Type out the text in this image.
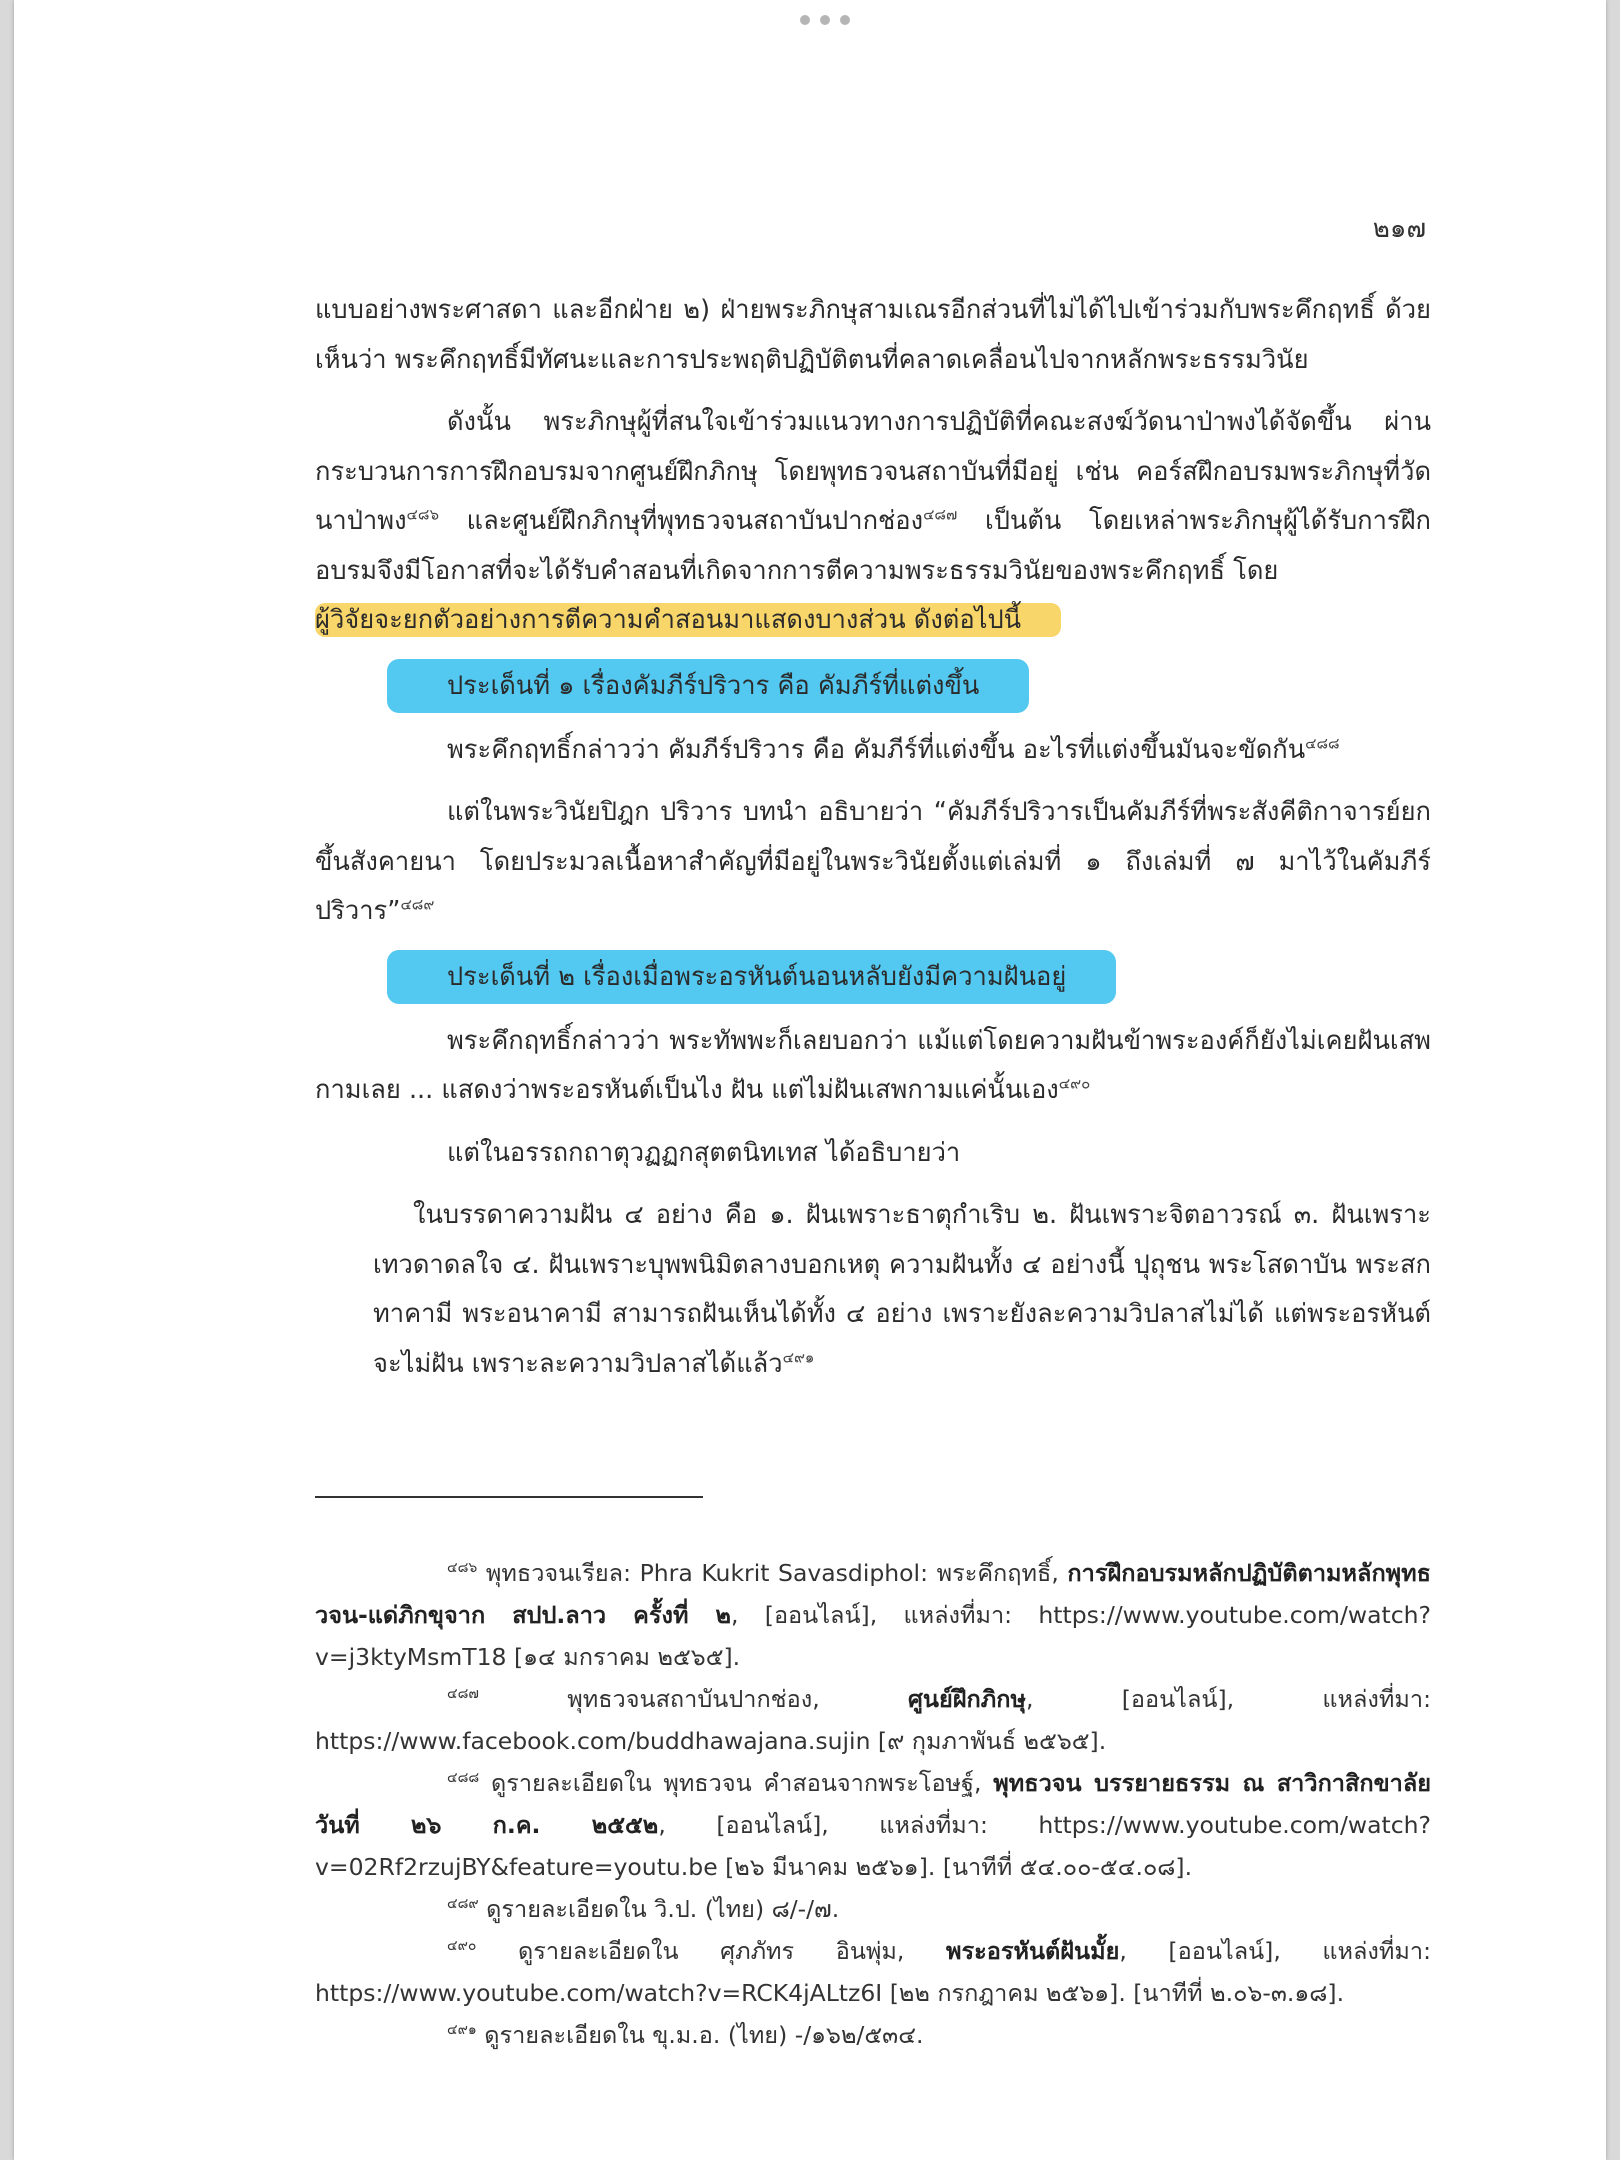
๒๑๗

แบบอย่างพระศาสดา และอีกฝ่าย ๒) ฝ่ายพระภิกษุสามเณรอีกส่วนที่ไม่ได้ไปเข้าร่วมกับพระคึกฤทธิ์ ด้วยเห็นว่า พระคึกฤทธิ์มีทัศนะและการประพฤติปฏิบัติตนที่คลาดเคลื่อนไปจากหลักพระธรรมวินัย

ดังนั้น พระภิกษุผู้ที่สนใจเข้าร่วมแนวทางการปฏิบัติที่คณะสงฆ์วัดนาป่าพงได้จัดขึ้น ผ่านกระบวนการการฝึกอบรมจากศูนย์ฝึกภิกษุ โดยพุทธวจนสถาบันที่มีอยู่ เช่น คอร์สฝึกอบรมพระภิกษุที่วัดนาป่าพง$^{๔๘๖}$ และศูนย์ฝึกภิกษุที่พุทธวจนสถาบันปากช่อง$^{๔๘๗}$ เป็นต้น โดยเหล่าพระภิกษุผู้ได้รับการฝึกอบรมจึงมีโอกาสที่จะได้รับคำสอนที่เกิดจากการตีความพระธรรมวินัยของพระคึกฤทธิ์ โดย
ผู้วิจัยจะยกตัวอย่างการตีความคำสอนมาแสดงบางส่วน ดังต่อไปนี้

ประเด็นที่ ๑ เรื่องคัมภีร์ปริวาร คือ คัมภีร์ที่แต่งขึ้น

พระคึกฤทธิ์กล่าวว่า คัมภีร์ปริวาร คือ คัมภีร์ที่แต่งขึ้น อะไรที่แต่งขึ้นมันจะขัดกัน$^{๔๘๘}$

แต่ในพระวินัยปิฎก ปริวาร บทนำ อธิบายว่า “คัมภีร์ปริวารเป็นคัมภีร์ที่พระสังคีติกาจารย์ยกขึ้นสังคายนา โดยประมวลเนื้อหาสำคัญที่มีอยู่ในพระวินัยตั้งแต่เล่มที่ ๑ ถึงเล่มที่ ๗ มาไว้ในคัมภีร์ปริวาร”$^{๔๘๙}$

ประเด็นที่ ๒ เรื่องเมื่อพระอรหันต์นอนหลับยังมีความฝันอยู่

พระคึกฤทธิ์กล่าวว่า พระทัพพะก็เลยบอกว่า แม้แต่โดยความฝันข้าพระองค์ก็ยังไม่เคยฝันเสพกามเลย ... แสดงว่าพระอรหันต์เป็นไง ฝัน แต่ไม่ฝันเสพกามแค่นั้นเอง$^{๔๙๐}$

แต่ในอรรถกถาตุวฏฏกสุตตนิทเทส ได้อธิบายว่า

ในบรรดาความฝัน ๔ อย่าง คือ ๑. ฝันเพราะธาตุกำเริบ ๒. ฝันเพราะจิตอาวรณ์ ๓. ฝันเพราะเทวดาดลใจ ๔. ฝันเพราะบุพพนิมิตลางบอกเหตุ ความฝันทั้ง ๔ อย่างนี้ ปุถุชน พระโสดาบัน พระสกทาคามี พระอนาคามี สามารถฝันเห็นได้ทั้ง ๔ อย่าง เพราะยังละความวิปลาสไม่ได้ แต่พระอรหันต์จะไม่ฝัน เพราะละความวิปลาสได้แล้ว$^{๔๙๑}$

$^{๔๘๖}$ พุทธวจนเรียล: Phra Kukrit Savasdiphol: พระคึกฤทธิ์, การฝึกอบรมหลักปฏิบัติตามหลักพุทธวจน-แด่ภิกขุจาก สปป.ลาว ครั้งที่ ๒, [ออนไลน์], แหล่งที่มา: https://www.youtube.com/watch?v=j3ktyMsmT18 [๑๔ มกราคม ๒๕๖๕].

$^{๔๘๗}$ พุทธวจนสถาบันปากช่อง, ศูนย์ฝึกภิกษุ, [ออนไลน์], แหล่งที่มา: https://www.facebook.com/buddhawajana.sujin [๙ กุมภาพันธ์ ๒๕๖๕].

$^{๔๘๘}$ ดูรายละเอียดใน พุทธวจน คำสอนจากพระโอษฐ์, พุทธวจน บรรยายธรรม ณ สาวิกาสิกขาลัย วันที่ ๒๖ ก.ค. ๒๕๕๒, [ออนไลน์], แหล่งที่มา: https://www.youtube.com/watch?v=02Rf2rzujBY&feature=youtu.be [๒๖ มีนาคม ๒๕๖๑]. [นาทีที่ ๕๔.๐๐-๕๔.๐๘].

$^{๔๘๙}$ ดูรายละเอียดใน วิ.ป. (ไทย) ๘/-/๗.

$^{๔๙๐}$ ดูรายละเอียดใน ศุภภัทร อินพุ่ม, พระอรหันต์ฝันมั้ย, [ออนไลน์], แหล่งที่มา: https://www.youtube.com/watch?v=RCK4jALtz6I [๒๒ กรกฎาคม ๒๕๖๑]. [นาทีที่ ๒.๐๖-๓.๑๘].

$^{๔๙๑}$ ดูรายละเอียดใน ขุ.ม.อ. (ไทย) -/๑๖๒/๕๓๔.
